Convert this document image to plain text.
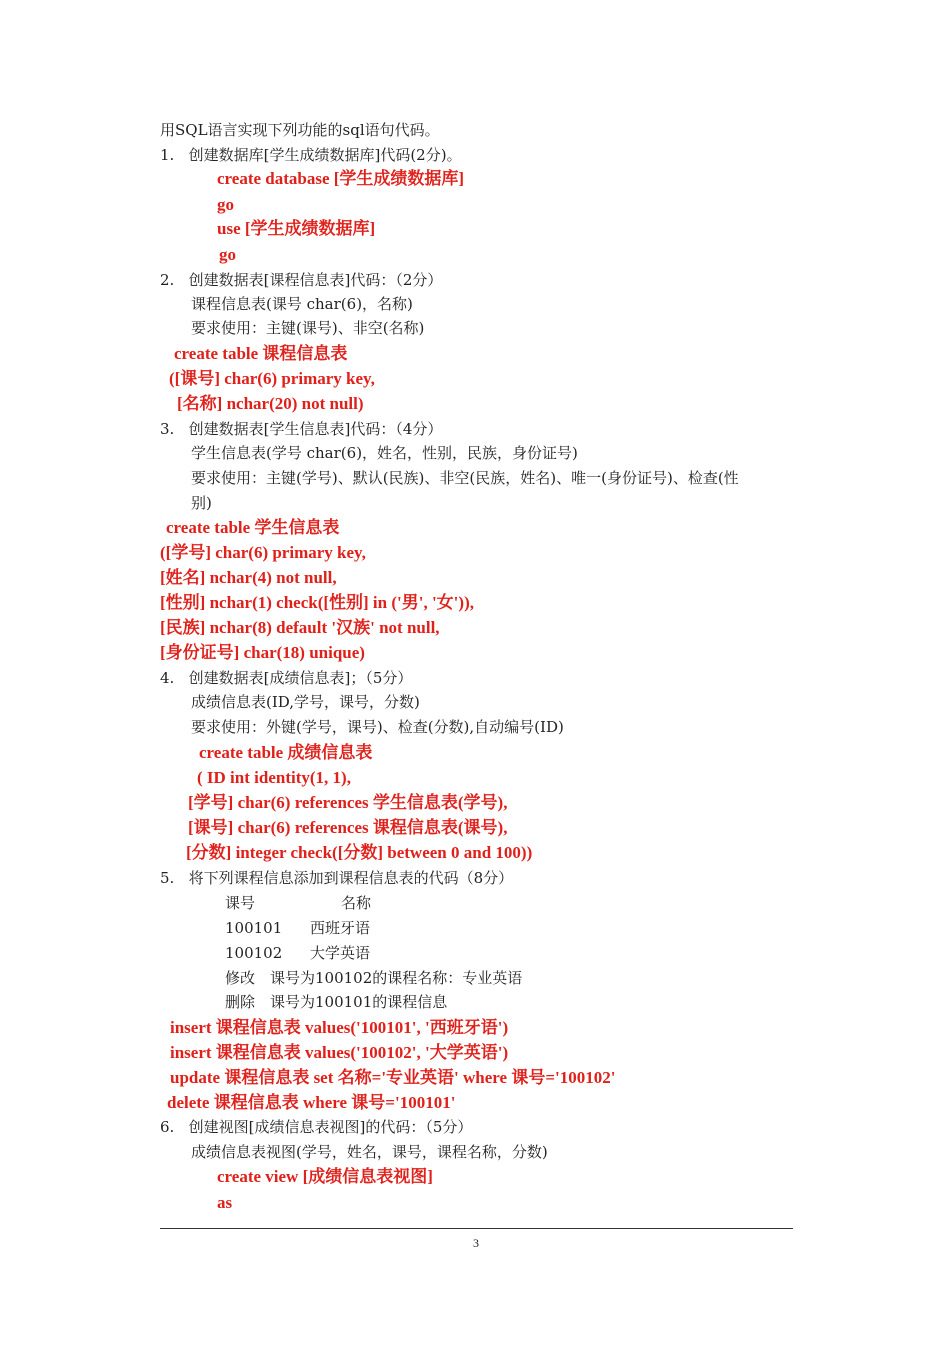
用SQL语言实现下列功能的sql语句代码。
1.   创建数据库[学生成绩数据库]代码(2分)。
create database [学生成绩数据库]
go
use [学生成绩数据库]
go
2.   创建数据表[课程信息表]代码：（2分）
课程信息表(课号 char(6)，名称)
要求使用：主键(课号)、非空(名称)
create table 课程信息表
([课号] char(6) primary key,
[名称] nchar(20) not null)
3.   创建数据表[学生信息表]代码：（4分）
学生信息表(学号 char(6)，姓名，性别，民族，身份证号)
要求使用：主键(学号)、默认(民族)、非空(民族，姓名)、唯一(身份证号)、检查(性
别)
create table 学生信息表
([学号] char(6) primary key,
[姓名] nchar(4) not null,
[性别] nchar(1) check([性别] in ('男', '女')),
[民族] nchar(8) default '汉族' not null,
[身份证号] char(18) unique)
4.   创建数据表[成绩信息表]；（5分）
成绩信息表(ID,学号，课号，分数)
要求使用：外键(学号，课号)、检查(分数),自动编号(ID)
create table 成绩信息表
( ID int identity(1, 1),
[学号] char(6) references 学生信息表(学号),
[课号] char(6) references 课程信息表(课号),
[分数] integer check([分数] between 0 and 100))
5.   将下列课程信息添加到课程信息表的代码（8分）
课号	名称
100101 西班牙语
100102 大学英语
修改　课号为100102的课程名称：专业英语
删除　课号为100101的课程信息
insert 课程信息表 values('100101', '西班牙语')
insert 课程信息表 values('100102', '大学英语')
update 课程信息表 set 名称='专业英语' where 课号='100102'
delete 课程信息表 where 课号='100101'
6.   创建视图[成绩信息表视图]的代码：（5分）
成绩信息表视图(学号，姓名，课号，课程名称，分数)
create view [成绩信息表视图]
as
3
